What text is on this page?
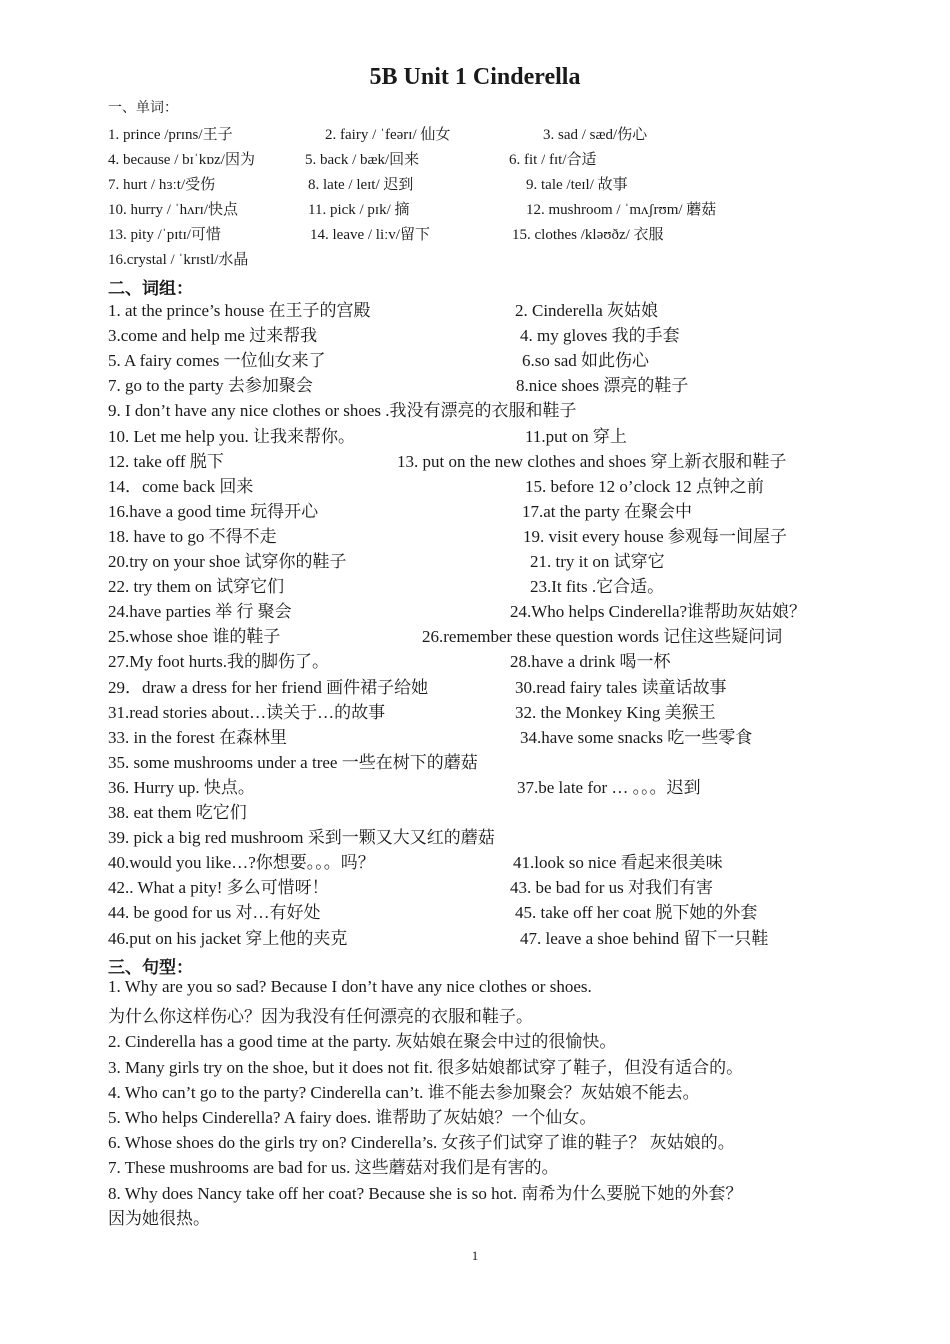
5B Unit 1 Cinderella
一、单词：
1. prince /prɪns/王子	2. fairy / ˈfeərɪ/ 仙女	3. sad / sæd/伤心
4. because / bɪˈkɒz/因为	5. back / bæk/回来	6. fit / fɪt/合适
7. hurt / hɜːt/受伤	8. late / leɪt/ 迟到	9. tale /teɪl/ 故事
10. hurry / ˈhʌrɪ/快点	11. pick / pɪk/ 摘	12. mushroom / ˈmʌʃrʊm/ 蘑菇
13. pity /ˈpɪtɪ/可惜	14. leave / liːv/留下	15. clothes /kləʊðz/ 衣服
16.crystal / ˈkrɪstl/水晶
二、词组：
1. at the prince’s house 在王子的宫殿	2. Cinderella 灰姑娘
3.come and help me 过来帮我	4. my gloves 我的手套
5. A fairy comes 一位仙女来了	6.so sad 如此伤心
7. go to the party 去参加聚会	8.nice shoes 漂亮的鞋子
9. I don’t have any nice clothes or shoes .我没有漂亮的衣服和鞋子
10. Let me help you. 让我来帮你。	11.put on 穿上
12. take off 脱下	13. put on the new clothes and shoes 穿上新衣服和鞋子
14．come back 回来	15. before 12 o’clock 12 点钟之前
16.have a good time 玩得开心	17.at the party 在聚会中
18. have to go 不得不走	19. visit every house 参观每一间屋子
20.try on your shoe 试穿你的鞋子	21. try it on 试穿它
22. try them on 试穿它们	23.It fits .它合适。
24.have parties 举 行 聚会	24.Who helps Cinderella?谁帮助灰姑娘？
25.whose shoe 谁的鞋子	26.remember these question words 记住这些疑问词
27.My foot hurts.我的脚伤了。	28.have a drink 喝一杯
29．draw a dress for her friend 画件裙子给她	30.read fairy tales 读童话故事
31.read stories about…读关于…的故事	32. the Monkey King 美猴王
33. in the forest 在森林里	34.have some snacks 吃一些零食
35. some mushrooms under a tree 一些在树下的蘑菇
36. Hurry up. 快点。	37.be late for … 。。。迟到
38. eat them 吃它们
39. pick a big red mushroom 采到一颗又大又红的蘑菇
40.would you like…?你想要。。。吗？	41.look so nice 看起来很美味
42.. What a pity! 多么可惜呀！	43. be bad for us 对我们有害
44. be good for us 对…有好处	45. take off her coat 脱下她的外套
46.put on his jacket 穿上他的夹克	47. leave a shoe behind 留下一只鞋
三、句型：
1. Why are you so sad? Because I don’t have any nice clothes or shoes.
为什么你这样伤心？因为我没有任何漂亮的衣服和鞋子。
2. Cinderella has a good time at the party. 灰姑娘在聚会中过的很愉快。
3. Many girls try on the shoe, but it does not fit. 很多姑娘都试穿了鞋子，但没有适合的。
4. Who can’t go to the party? Cinderella can’t. 谁不能去参加聚会？灰姑娘不能去。
5. Who helps Cinderella? A fairy does. 谁帮助了灰姑娘？一个仙女。
6. Whose shoes do the girls try on? Cinderella’s. 女孩子们试穿了谁的鞋子？ 灰姑娘的。
7. These mushrooms are bad for us. 这些蘑菇对我们是有害的。
8. Why does Nancy take off her coat? Because she is so hot. 南希为什么要脱下她的外套？
因为她很热。
1
